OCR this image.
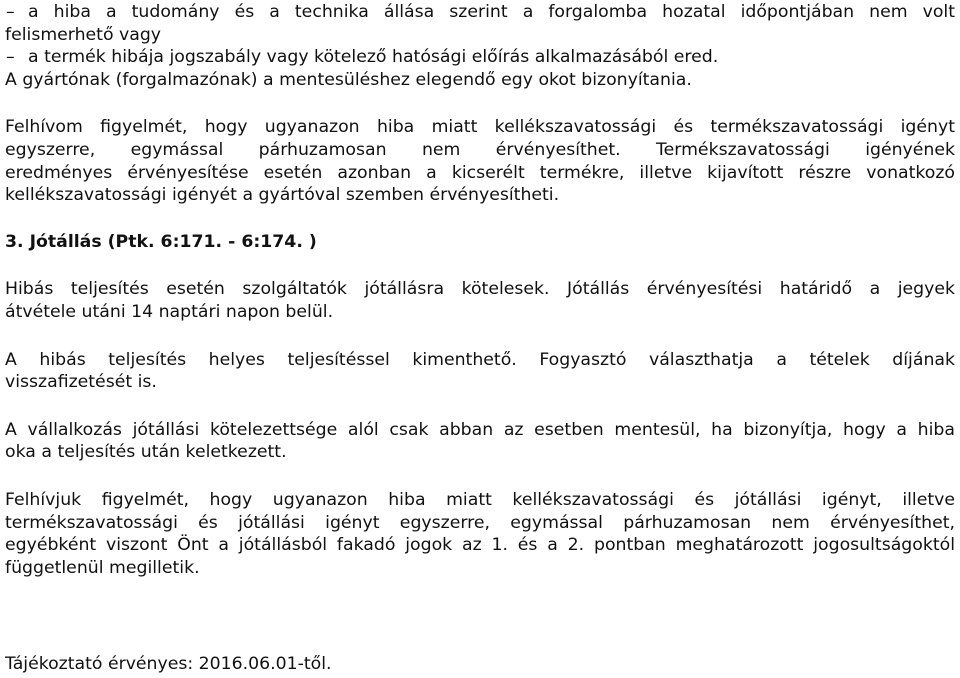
– a hiba a tudomány és a technika állása szerint a forgalomba hozatal időpontjában nem volt
felismerhető vagy
– a termék hibája jogszabály vagy kötelező hatósági előírás alkalmazásából ered.
A gyártónak (forgalmazónak) a mentesüléshez elegendő egy okot bizonyítania.
Felhívom figyelmét, hogy ugyanazon hiba miatt kellékszavatossági és termékszavatossági igényt
egyszerre, egymással párhuzamosan nem érvényesíthet. Termékszavatossági igényének
eredményes érvényesítése esetén azonban a kicserélt termékre, illetve kijavított részre vonatkozó
kellékszavatossági igényét a gyártóval szemben érvényesítheti.
3. Jótállás (Ptk. 6:171. - 6:174. )
Hibás teljesítés esetén szolgáltatók jótállásra kötelesek. Jótállás érvényesítési határidő a jegyek
átvétele utáni 14 naptári napon belül.
A hibás teljesítés helyes teljesítéssel kimenthető. Fogyasztó választhatja a tételek díjának
visszafizetését is.
A vállalkozás jótállási kötelezettsége alól csak abban az esetben mentesül, ha bizonyítja, hogy a hiba
oka a teljesítés után keletkezett.
Felhívjuk figyelmét, hogy ugyanazon hiba miatt kellékszavatossági és jótállási igényt, illetve
termékszavatossági és jótállási igényt egyszerre, egymással párhuzamosan nem érvényesíthet,
egyébként viszont Önt a jótállásból fakadó jogok az 1. és a 2. pontban meghatározott jogosultságoktól
függetlenül megilletik.
Tájékoztató érvényes: 2016.06.01-től.
